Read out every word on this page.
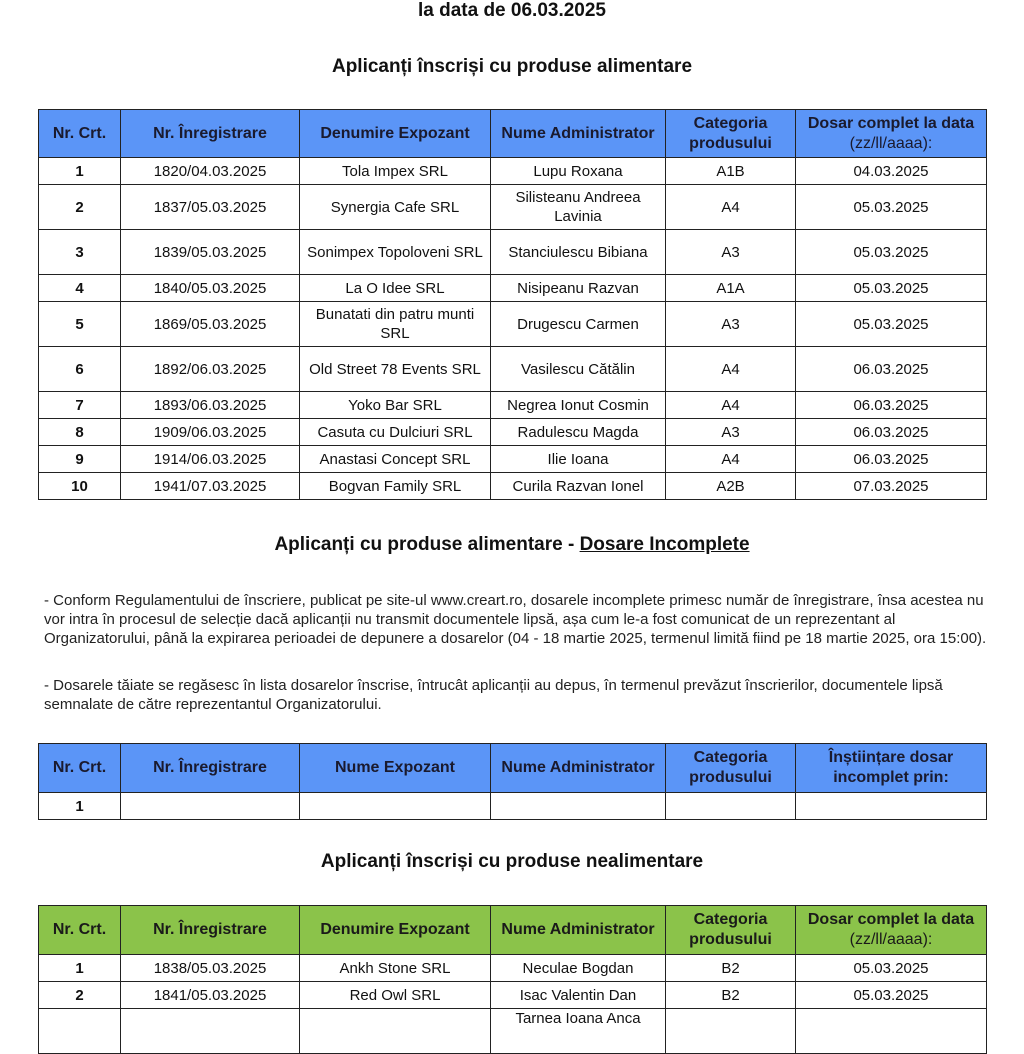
la data de 06.03.2025
Aplicanți înscriși cu produse alimentare
Nr. Crt.	Nr. Înregistrare	Denumire Expozant	Nume Administrator	Categoria produsului	Dosar complet la data (zz/ll/aaaa):
1	1820/04.03.2025	Tola Impex SRL	Lupu Roxana	A1B	04.03.2025
2	1837/05.03.2025	Synergia Cafe SRL	Silisteanu Andreea Lavinia	A4	05.03.2025
3	1839/05.03.2025	Sonimpex Topoloveni SRL	Stanciulescu Bibiana	A3	05.03.2025
4	1840/05.03.2025	La O Idee SRL	Nisipeanu Razvan	A1A	05.03.2025
5	1869/05.03.2025	Bunatati din patru munti SRL	Drugescu Carmen	A3	05.03.2025
6	1892/06.03.2025	Old Street 78 Events SRL	Vasilescu Cătălin	A4	06.03.2025
7	1893/06.03.2025	Yoko Bar SRL	Negrea Ionut Cosmin	A4	06.03.2025
8	1909/06.03.2025	Casuta cu Dulciuri SRL	Radulescu Magda	A3	06.03.2025
9	1914/06.03.2025	Anastasi Concept SRL	Ilie Ioana	A4	06.03.2025
10	1941/07.03.2025	Bogvan Family SRL	Curila Razvan Ionel	A2B	07.03.2025
Aplicanți cu produse alimentare - Dosare Incomplete
- Conform Regulamentului de înscriere, publicat pe site-ul www.creart.ro, dosarele incomplete primesc număr de înregistrare, însa acestea nu vor intra în procesul de selecție dacă aplicanții nu transmit documentele lipsă, așa cum le-a fost comunicat de un reprezentant al Organizatorului, până la expirarea perioadei de depunere a dosarelor (04 - 18 martie 2025, termenul limită fiind pe 18 martie 2025, ora 15:00).
- Dosarele tăiate se regăsesc în lista dosarelor înscrise, întrucât aplicanții au depus, în termenul prevăzut înscrierilor, documentele lipsă semnalate de către reprezentantul Organizatorului.
Nr. Crt.	Nr. Înregistrare	Nume Expozant	Nume Administrator	Categoria produsului	Înștiințare dosar incomplet prin:
1					
Aplicanți înscriși cu produse nealimentare
Nr. Crt.	Nr. Înregistrare	Denumire Expozant	Nume Administrator	Categoria produsului	Dosar complet la data (zz/ll/aaaa):
1	1838/05.03.2025	Ankh Stone SRL	Neculae Bogdan	B2	05.03.2025
2	1841/05.03.2025	Red Owl SRL	Isac Valentin Dan	B2	05.03.2025
			Tarnea Ioana Anca		
